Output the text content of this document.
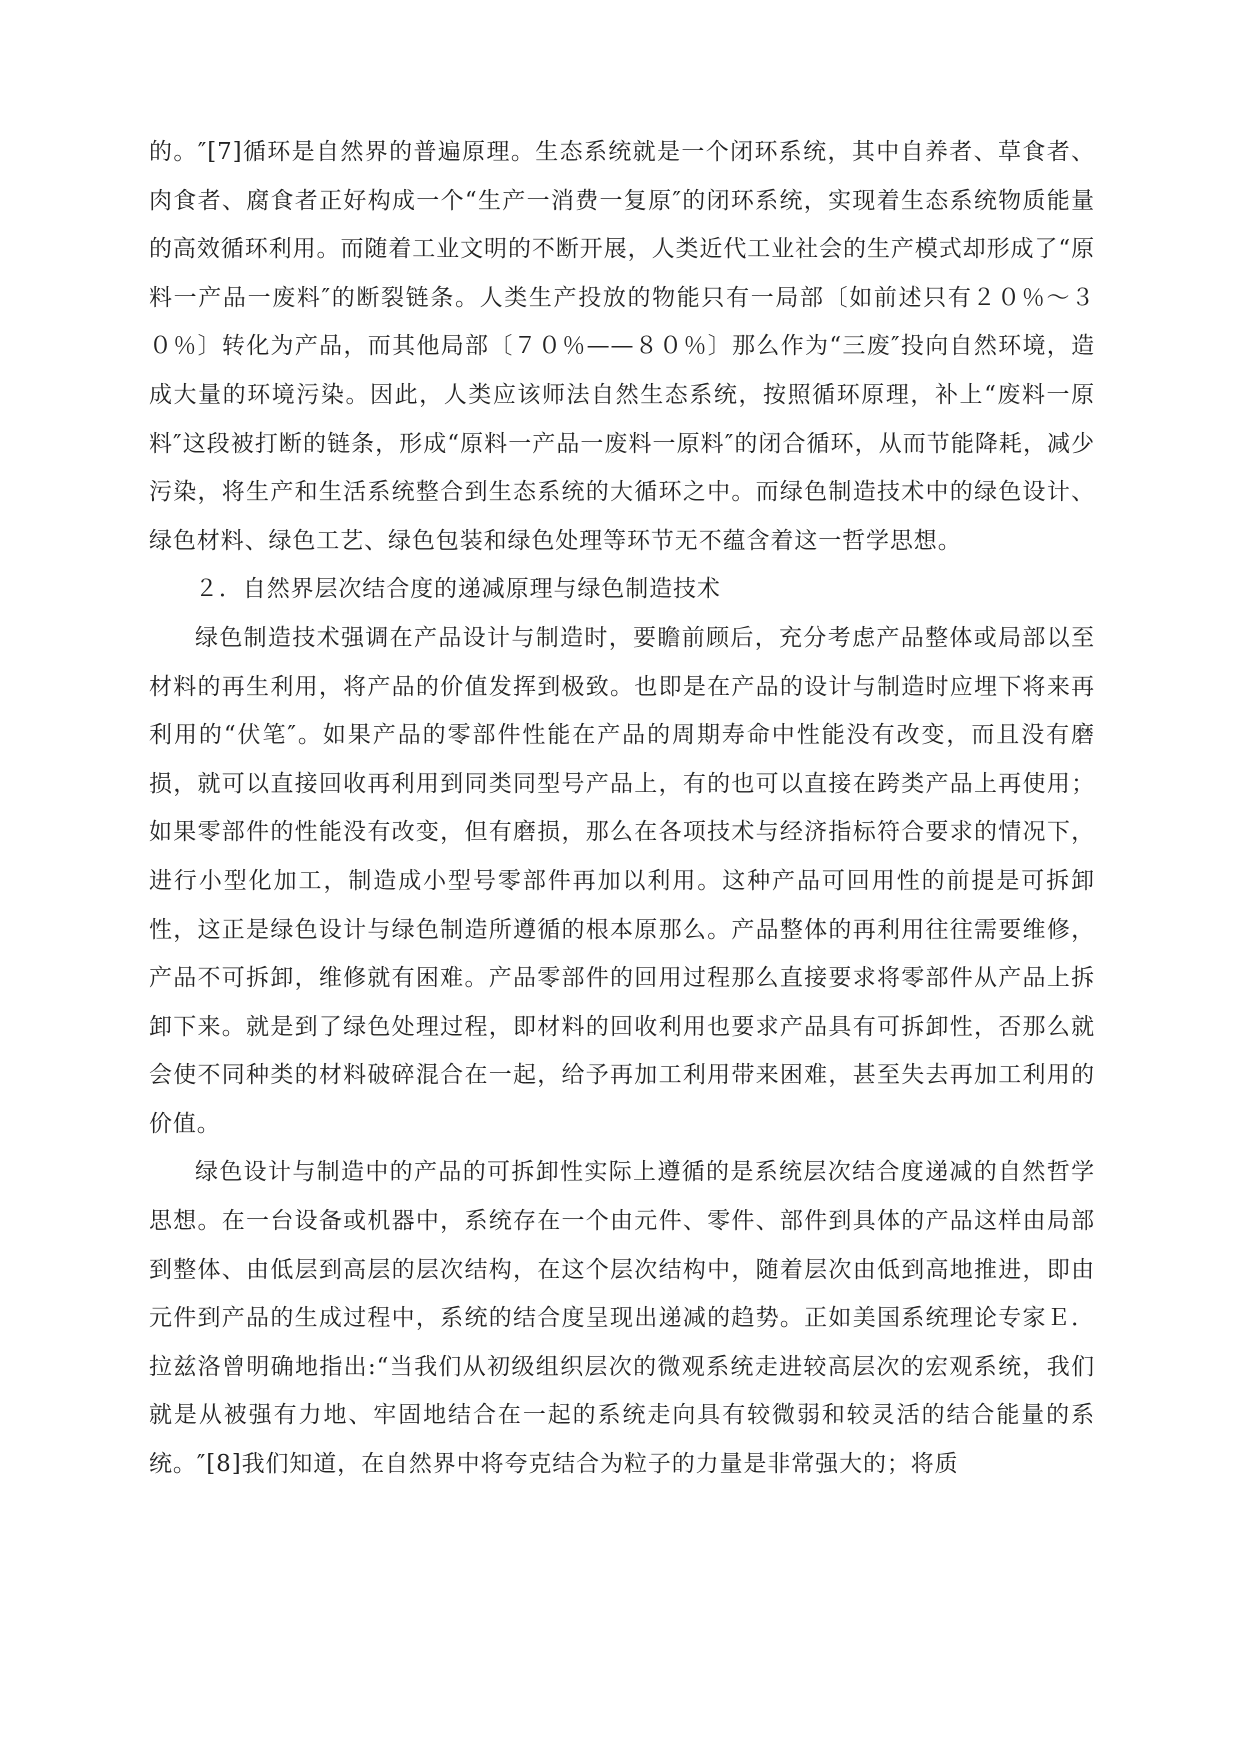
的。″[7]循环是自然界的普遍原理。生态系统就是一个闭环系统，其中自养者、草食者、肉食者、腐食者正好构成一个“生产一消费一复原″的闭环系统，实现着生态系统物质能量的高效循环利用。而随着工业文明的不断开展，人类近代工业社会的生产模式却形成了“原料一产品一废料″的断裂链条。人类生产投放的物能只有一局部〔如前述只有２０％～３０％〕转化为产品，而其他局部〔７０％——８０％〕那么作为“三废″投向自然环境，造成大量的环境污染。因此，人类应该师法自然生态系统，按照循环原理，补上“废料一原料″这段被打断的链条，形成“原料一产品一废料一原料″的闭合循环，从而节能降耗，减少污染，将生产和生活系统整合到生态系统的大循环之中。而绿色制造技术中的绿色设计、绿色材料、绿色工艺、绿色包装和绿色处理等环节无不蕴含着这一哲学思想。

２．自然界层次结合度的递减原理与绿色制造技术

绿色制造技术强调在产品设计与制造时，要瞻前顾后，充分考虑产品整体或局部以至材料的再生利用，将产品的价值发挥到极致。也即是在产品的设计与制造时应埋下将来再利用的“伏笔″。如果产品的零部件性能在产品的周期寿命中性能没有改变，而且没有磨损，就可以直接回收再利用到同类同型号产品上，有的也可以直接在跨类产品上再使用；如果零部件的性能没有改变，但有磨损，那么在各项技术与经济指标符合要求的情况下，进行小型化加工，制造成小型号零部件再加以利用。这种产品可回用性的前提是可拆卸性，这正是绿色设计与绿色制造所遵循的根本原那么。产品整体的再利用往往需要维修，产品不可拆卸，维修就有困难。产品零部件的回用过程那么直接要求将零部件从产品上拆卸下来。就是到了绿色处理过程，即材料的回收利用也要求产品具有可拆卸性，否那么就会使不同种类的材料破碎混合在一起，给予再加工利用带来困难，甚至失去再加工利用的价值。

绿色设计与制造中的产品的可拆卸性实际上遵循的是系统层次结合度递减的自然哲学思想。在一台设备或机器中，系统存在一个由元件、零件、部件到具体的产品这样由局部到整体、由低层到高层的层次结构，在这个层次结构中，随着层次由低到高地推进，即由元件到产品的生成过程中，系统的结合度呈现出递减的趋势。正如美国系统理论专家Ｅ．拉兹洛曾明确地指出:“当我们从初级组织层次的微观系统走进较高层次的宏观系统，我们就是从被强有力地、牢固地结合在一起的系统走向具有较微弱和较灵活的结合能量的系统。″[8]我们知道，在自然界中将夸克结合为粒子的力量是非常强大的；将质
